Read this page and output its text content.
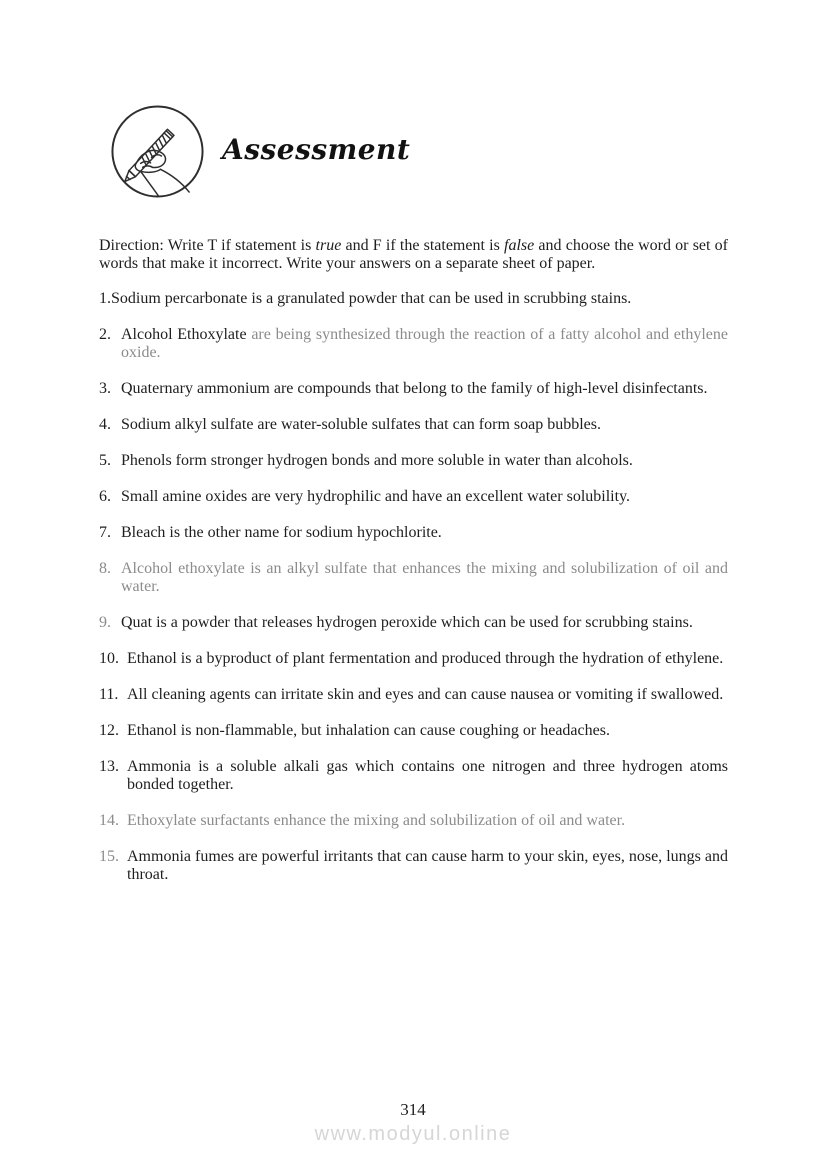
Assessment

Direction: Write T if statement is true and F if the statement is false and choose the word or set of words that make it incorrect. Write your answers on a separate sheet of paper.

1. Sodium percarbonate is a granulated powder that can be used in scrubbing stains.
2. Alcohol Ethoxylate are being synthesized through the reaction of a fatty alcohol and ethylene oxide.
3. Quaternary ammonium are compounds that belong to the family of high-level disinfectants.
4. Sodium alkyl sulfate are water-soluble sulfates that can form soap bubbles.
5. Phenols form stronger hydrogen bonds and more soluble in water than alcohols.
6. Small amine oxides are very hydrophilic and have an excellent water solubility.
7. Bleach is the other name for sodium hypochlorite.
8. Alcohol ethoxylate is an alkyl sulfate that enhances the mixing and solubilization of oil and water.
9. Quat is a powder that releases hydrogen peroxide which can be used for scrubbing stains.
10. Ethanol is a byproduct of plant fermentation and produced through the hydration of ethylene.
11. All cleaning agents can irritate skin and eyes and can cause nausea or vomiting if swallowed.
12. Ethanol is non-flammable, but inhalation can cause coughing or headaches.
13. Ammonia is a soluble alkali gas which contains one nitrogen and three hydrogen atoms bonded together.
14. Ethoxylate surfactants enhance the mixing and solubilization of oil and water.
15. Ammonia fumes are powerful irritants that can cause harm to your skin, eyes, nose, lungs and throat.
314
www.modyul.online
